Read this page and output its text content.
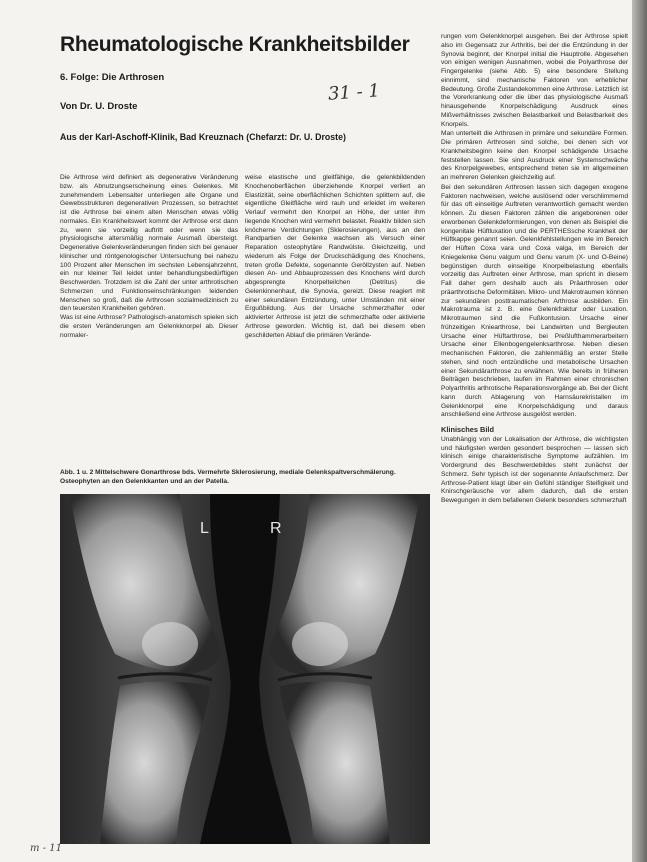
Rheumatologische Krankheitsbilder
6. Folge: Die Arthrosen
31 - 1
Von Dr. U. Droste
Aus der Karl-Aschoff-Klinik, Bad Kreuznach (Chefarzt: Dr. U. Droste)

Die Arthrose wird definiert als degenerative Veränderung bzw. als Abnutzungserscheinung eines Gelenkes. Mit zunehmendem Lebensalter unterliegen alle Organe und Gewebsstrukturen degenerativen Prozessen, so betrachtet ist die Arthrose bei einem alten Menschen etwas völlig normales. Ein Krankheitswert kommt der Arthrose erst dann zu, wenn sie vorzeitig auftritt oder wenn sie das physiologische altersmäßig normale Ausmaß übersteigt. Degenerative Gelenkveränderungen finden sich bei genauer klinischer und röntgenologischer Untersuchung bei nahezu 100 Prozent aller Menschen im sechsten Lebensjahrzehnt, ein nur kleiner Teil leidet unter behandlungsbedürftigen Beschwerden. Trotzdem ist die Zahl der unter arthrotischen Schmerzen und Funktionseinschränkungen leidenden Menschen so groß, daß die Arthrosen sozialmedizinisch zu den teuersten Krankheiten gehören.

Was ist eine Arthrose? Pathologisch-anatomisch spielen sich die ersten Veränderungen am Gelenkknorpel ab. Dieser normaler-

weise elastische und gleitfähige, die gelenkbildenden Knochenoberflächen überziehende Knorpel verliert an Elastizität, seine oberflächlichen Schichten splittern auf, die eigentliche Gleitfläche wird rauh und erleidet im weiteren Verlauf vermehrt den Knorpel an Höhe, der unter ihm liegende Knochen wird vermehrt belastet. Reaktiv bilden sich knöcherne Verdichtungen (Sklerosierungen), aus an den Randpartien der Gelenke wachsen als Versuch einer Reparation osteophytäre Randwülste. Gleichzeitig, und wiederum als Folge der Druckschädigung des Knochens, treten große Defekte, sogenannte Geröllzysten auf. Neben diesen An- und Abbauprozessen des Knochens wird durch abgesprengte Knorpelteilchen (Detritus) die Gelenkinnenhaut, die Synovia, gereizt. Diese reagiert mit einer sekundären Entzündung, unter Umständen mit einer Ergußbildung. Aus der Ursache schmerzhafter oder aktivierter Arthrose ist jetzt die schmerzhafte oder aktivierte Arthrose geworden. Wichtig ist, daß bei diesem eben geschilderten Ablauf die primären Verände-

rungen vom Gelenkknorpel ausgehen. Bei der Arthrose spielt also im Gegensatz zur Arthritis, bei der die Entzündung in der Synovia beginnt, der Knorpel initial die Hauptrolle. Abgesehen von einigen wenigen Ausnahmen, wobei die Polyarthrose der Fingergelenke (siehe Abb. 5) eine besondere Stellung einnimmt, sind mechanische Faktoren von erheblicher Bedeutung. Große Zustandekommen eine Arthrose. Letztlich ist the Vorerkrankung oder die über das physiologische Ausmaß hinausgehende Knorpelschädigung Ausdruck eines Mißverhältnisses zwischen Belastbarkeit und Belastbarkeit des Knorpels.

Man unterteilt die Arthrosen in primäre und sekundäre Formen. Die primären Arthrosen sind solche, bei denen sich vor Krankheitsbeginn keine den Knorpel schädigende Ursache feststellen lassen. Sie sind Ausdruck einer Systemschwäche des Knorpelgewebes, entsprechend treten sie im allgemeinen an mehreren Gelenken gleichzeitig auf.

Bei den sekundären Arthrosen lassen sich dagegen exogene Faktoren nachweisen, welche auslösend oder verschlimmernd für das oft einseitige Auftreten verantwortlich gemacht werden können. Zu diesen Faktoren zählen die angeborenen oder erworbenen Gelenkdeformierungen, von denen als Beispiel die kongenitale Hüftluxation und die PERTHESsche Krankheit der Hüftkappe genannt seien. Gelenkfehlstellungen wie im Bereich der Hüften Coxa vara und Coxa valga, im Bereich der Kniegelenke Genu valgum und Genu varum (X- und O-Beine) begünstigen durch einseitige Knorpelbelastung ebenfalls vorzeitig das Auftreten einer Arthrose, man spricht in diesem Fall daher gern deshalb auch als Präarthrosen oder präarthrotische Deformitäten. Mikro- und Makrotraumen können zur sekundären posttraumatischen Arthrose ausbilden. Ein Makrotrauma ist z. B. eine Gelenkfraktur oder Luxation. Mikrotraumen sind die Fußkontusion. Ursache einer frühzeitigen Kniearthrose, bei Landwirten und Bergleuten Ursache einer Hüftarthrose, bei Preßlufthammerarbeitern Ursache einer Ellenbogengelenksarthrose. Neben diesen mechanischen Faktoren, die zahlenmäßig an erster Stelle stehen, sind noch entzündliche und metabolische Ursachen einer Sekundärarthrose zu erwähnen. Wie bereits in früheren Beiträgen beschrieben, laufen im Rahmen einer chronischen Polyarthritis arthrotische Reparationsvorgänge ab. Bei der Gicht kann durch Ablagerung von Harnsäurekristallen im Gelenkknorpel eine Knorpelschädigung und daraus anschließend eine Arthrose ausgelöst werden.

Klinisches Bild

Unabhängig von der Lokalisation der Arthrose, die wichtigsten und häufigsten werden gesondert besprochen — lassen sich klinisch einige charakteristische Symptome aufzählen. Im Vordergrund des Beschwerdebildes steht zunächst der Schmerz. Sehr typisch ist der sogenannte Anlaufschmerz. Der Arthrose-Patient klagt über ein Gefühl ständiger Steifigkeit und Knirschgeräusche vor allem dadurch, daß die ersten Bewegungen in dem befallenen Gelenk besonders schmerzhaft

Abb. 1 u. 2 Mittelschwere Gonarthrose bds. Vermehrte Sklerosierung, mediale Gelenkspaltverschmälerung. Osteophyten an den Gelenkkanten und an der Patella.
L	R
m - 11
